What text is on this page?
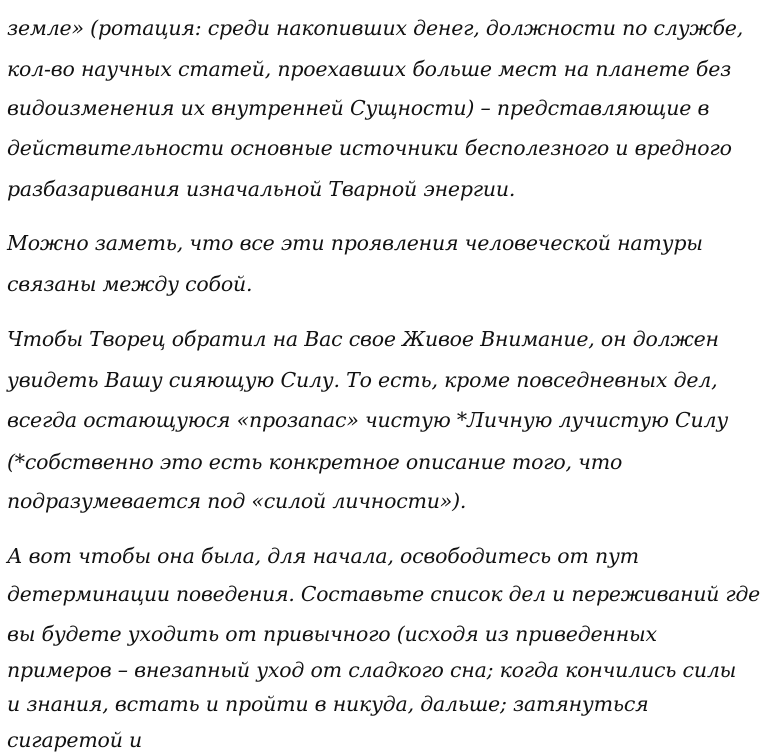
земле» (ротация: среди накопивших денег, должности по службе,
кол-во научных статей, проехавших больше мест на планете без
видоизменения их внутренней Сущности) – представляющие в
действительности основные источники бесполезного и вредного
разбазаривания изначальной Тварной энергии.
Можно заметь, что все эти проявления человеческой натуры
связаны между собой.
Чтобы Творец обратил на Вас свое Живое Внимание, он должен
увидеть Вашу сияющую Силу. То есть, кроме повседневных дел,
всегда остающуюся «прозапас» чистую *Личную лучистую Силу
(*собственно это есть конкретное описание того, что
подразумевается под «силой личности»).
А вот чтобы она была, для начала, освободитесь от пут
детерминации поведения. Составьте список дел и переживаний где
вы будете уходить от привычного (исходя из приведенных
примеров – внезапный уход от сладкого сна; когда кончились силы
и знания, встать и пройти в никуда, дальше; затянуться
сигаретой и
